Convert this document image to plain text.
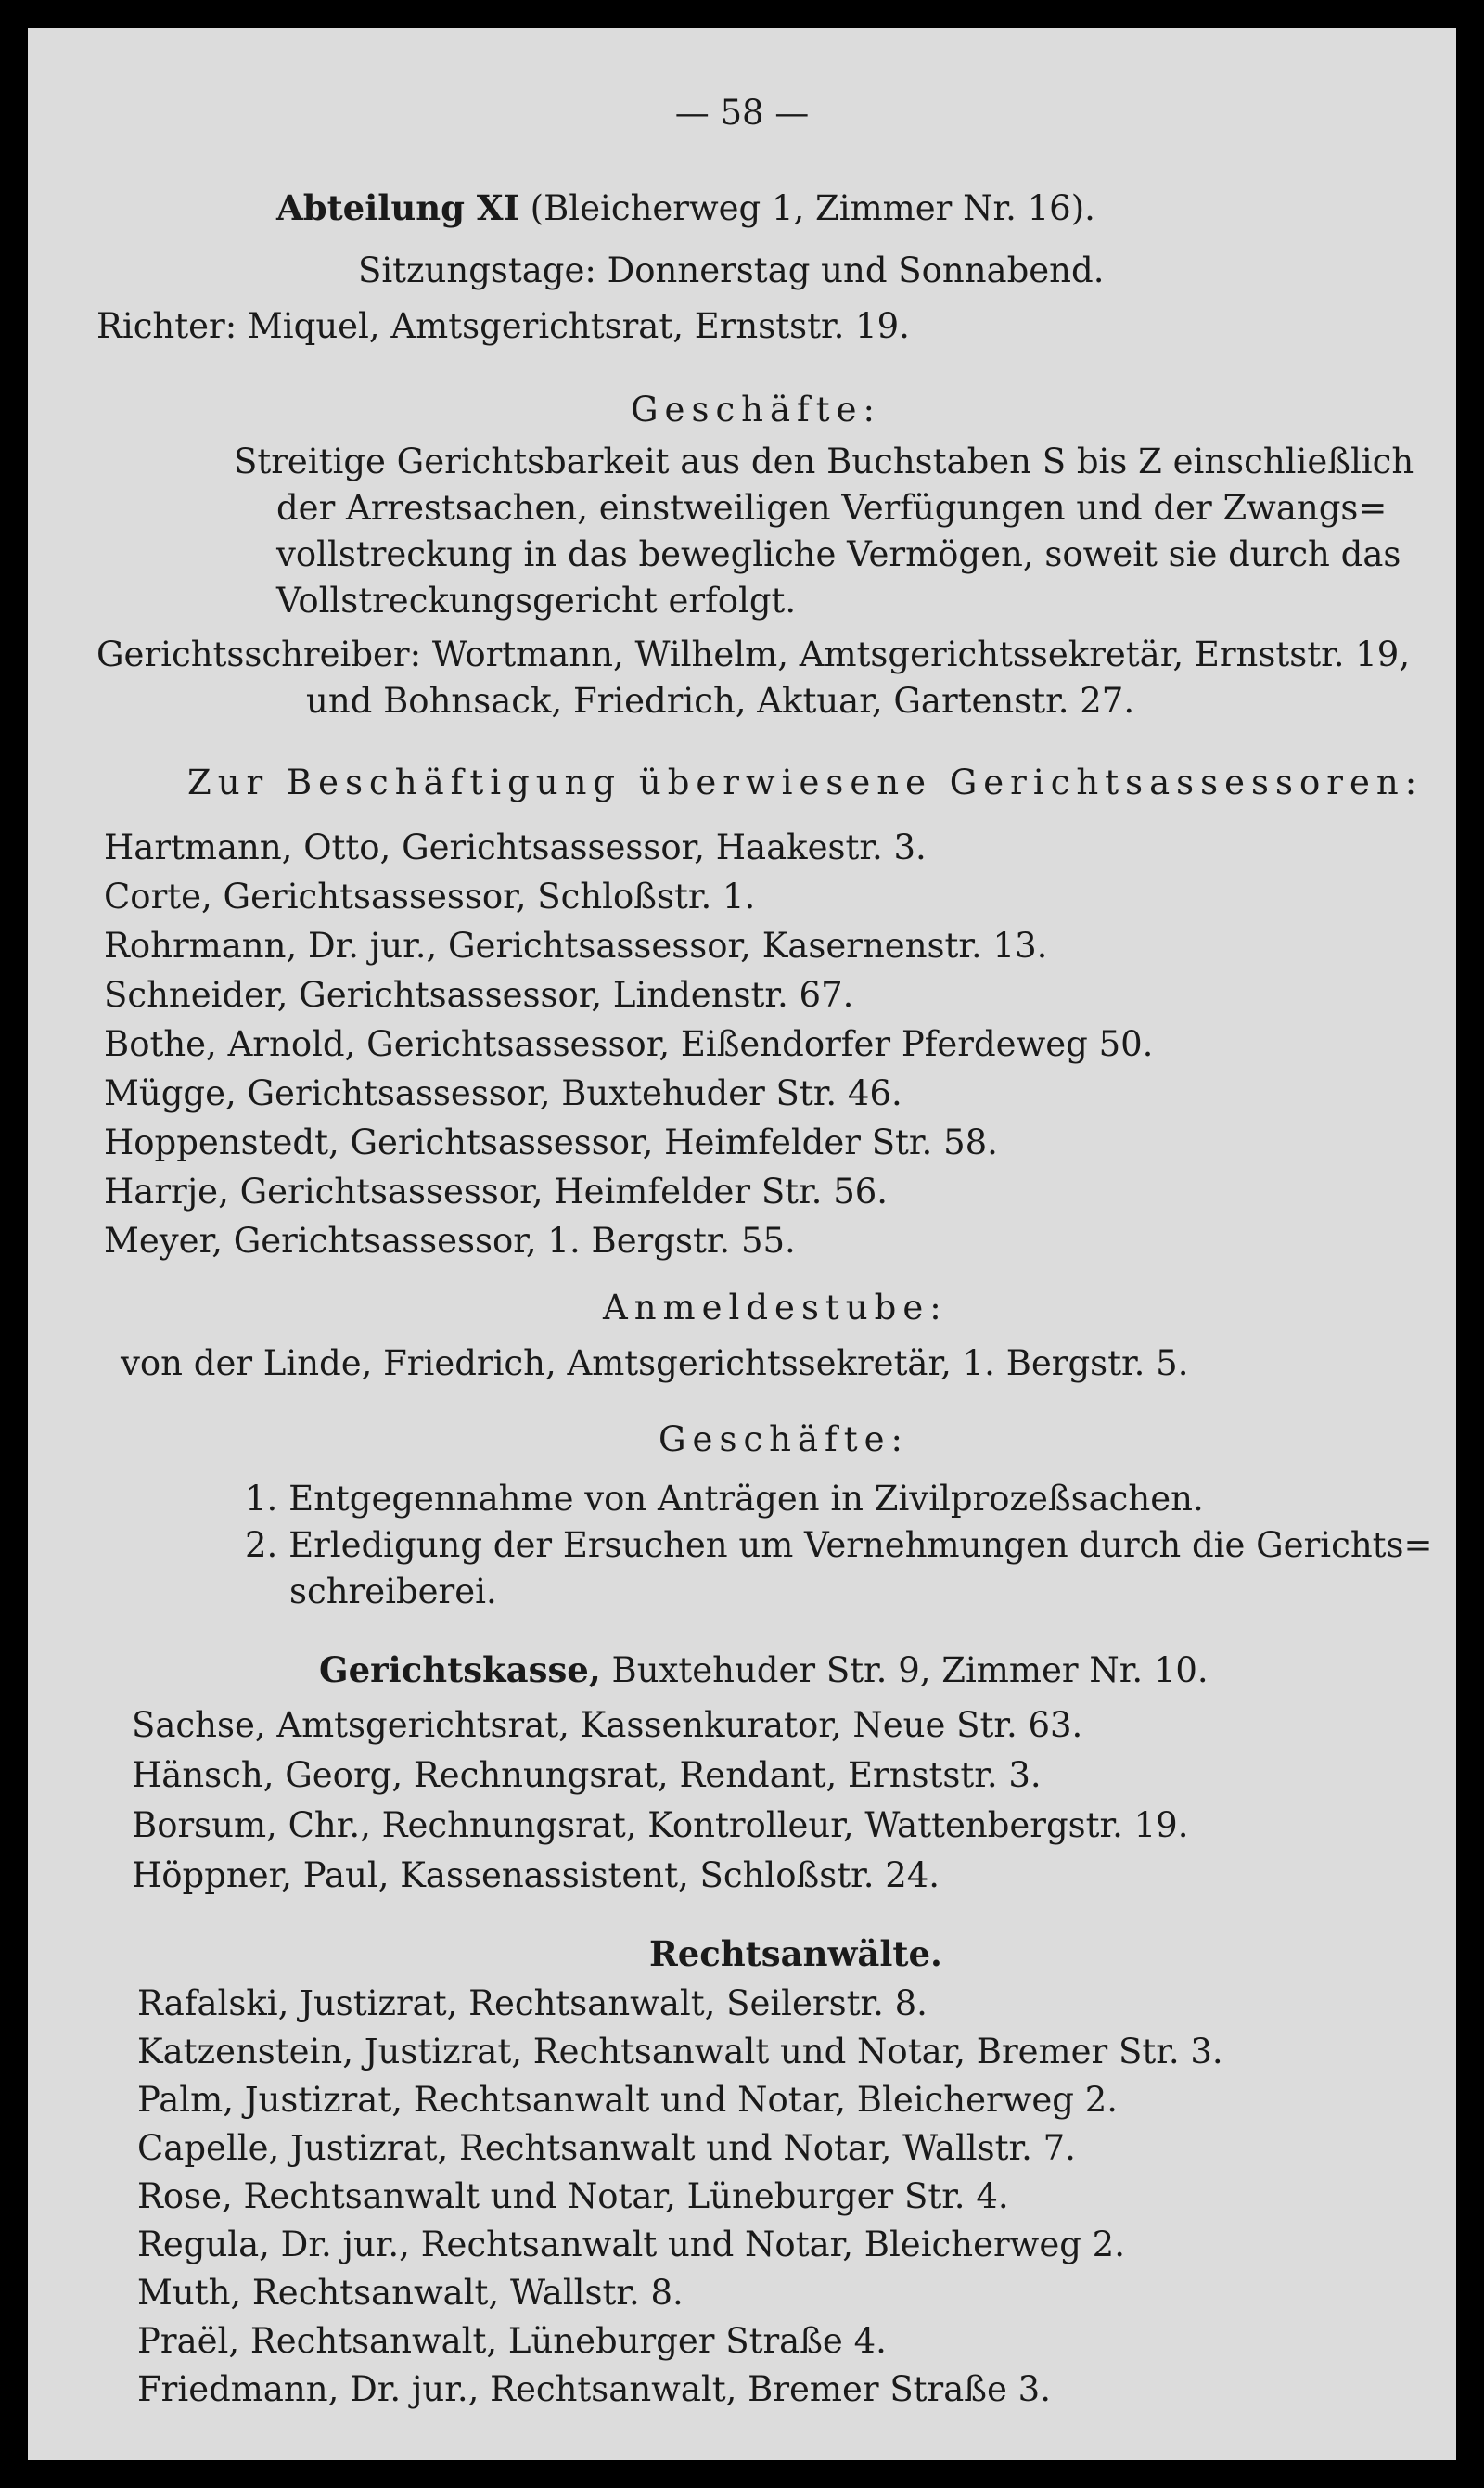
— 58 —
Abteilung XI (Bleicherweg 1, Zimmer Nr. 16).
Sitzungstage: Donnerstag und Sonnabend.
Richter: Miquel, Amtsgerichtsrat, Ernststr. 19.
Geschäfte:
Streitige Gerichtsbarkeit aus den Buchstaben S bis Z einschließlich
der Arrestsachen, einstweiligen Verfügungen und der Zwangs=
vollstreckung in das bewegliche Vermögen, soweit sie durch das
Vollstreckungsgericht erfolgt.
Gerichtsschreiber: Wortmann, Wilhelm, Amtsgerichtssekretär, Ernststr. 19,
und Bohnsack, Friedrich, Aktuar, Gartenstr. 27.
Zur Beschäftigung überwiesene Gerichtsassessoren:
Hartmann, Otto, Gerichtsassessor, Haakestr. 3.
Corte, Gerichtsassessor, Schloßstr. 1.
Rohrmann, Dr. jur., Gerichtsassessor, Kasernenstr. 13.
Schneider, Gerichtsassessor, Lindenstr. 67.
Bothe, Arnold, Gerichtsassessor, Eißendorfer Pferdeweg 50.
Mügge, Gerichtsassessor, Buxtehuder Str. 46.
Hoppenstedt, Gerichtsassessor, Heimfelder Str. 58.
Harrje, Gerichtsassessor, Heimfelder Str. 56.
Meyer, Gerichtsassessor, 1. Bergstr. 55.
Anmeldestube:
von der Linde, Friedrich, Amtsgerichtssekretär, 1. Bergstr. 5.
Geschäfte:
1. Entgegennahme von Anträgen in Zivilprozeßsachen.
2. Erledigung der Ersuchen um Vernehmungen durch die Gerichts=
schreiberei.
Gerichtskasse, Buxtehuder Str. 9, Zimmer Nr. 10.
Sachse, Amtsgerichtsrat, Kassenkurator, Neue Str. 63.
Hänsch, Georg, Rechnungsrat, Rendant, Ernststr. 3.
Borsum, Chr., Rechnungsrat, Kontrolleur, Wattenbergstr. 19.
Höppner, Paul, Kassenassistent, Schloßstr. 24.
Rechtsanwälte.
Rafalski, Justizrat, Rechtsanwalt, Seilerstr. 8.
Katzenstein, Justizrat, Rechtsanwalt und Notar, Bremer Str. 3.
Palm, Justizrat, Rechtsanwalt und Notar, Bleicherweg 2.
Capelle, Justizrat, Rechtsanwalt und Notar, Wallstr. 7.
Rose, Rechtsanwalt und Notar, Lüneburger Str. 4.
Regula, Dr. jur., Rechtsanwalt und Notar, Bleicherweg 2.
Muth, Rechtsanwalt, Wallstr. 8.
Praël, Rechtsanwalt, Lüneburger Straße 4.
Friedmann, Dr. jur., Rechtsanwalt, Bremer Straße 3.
